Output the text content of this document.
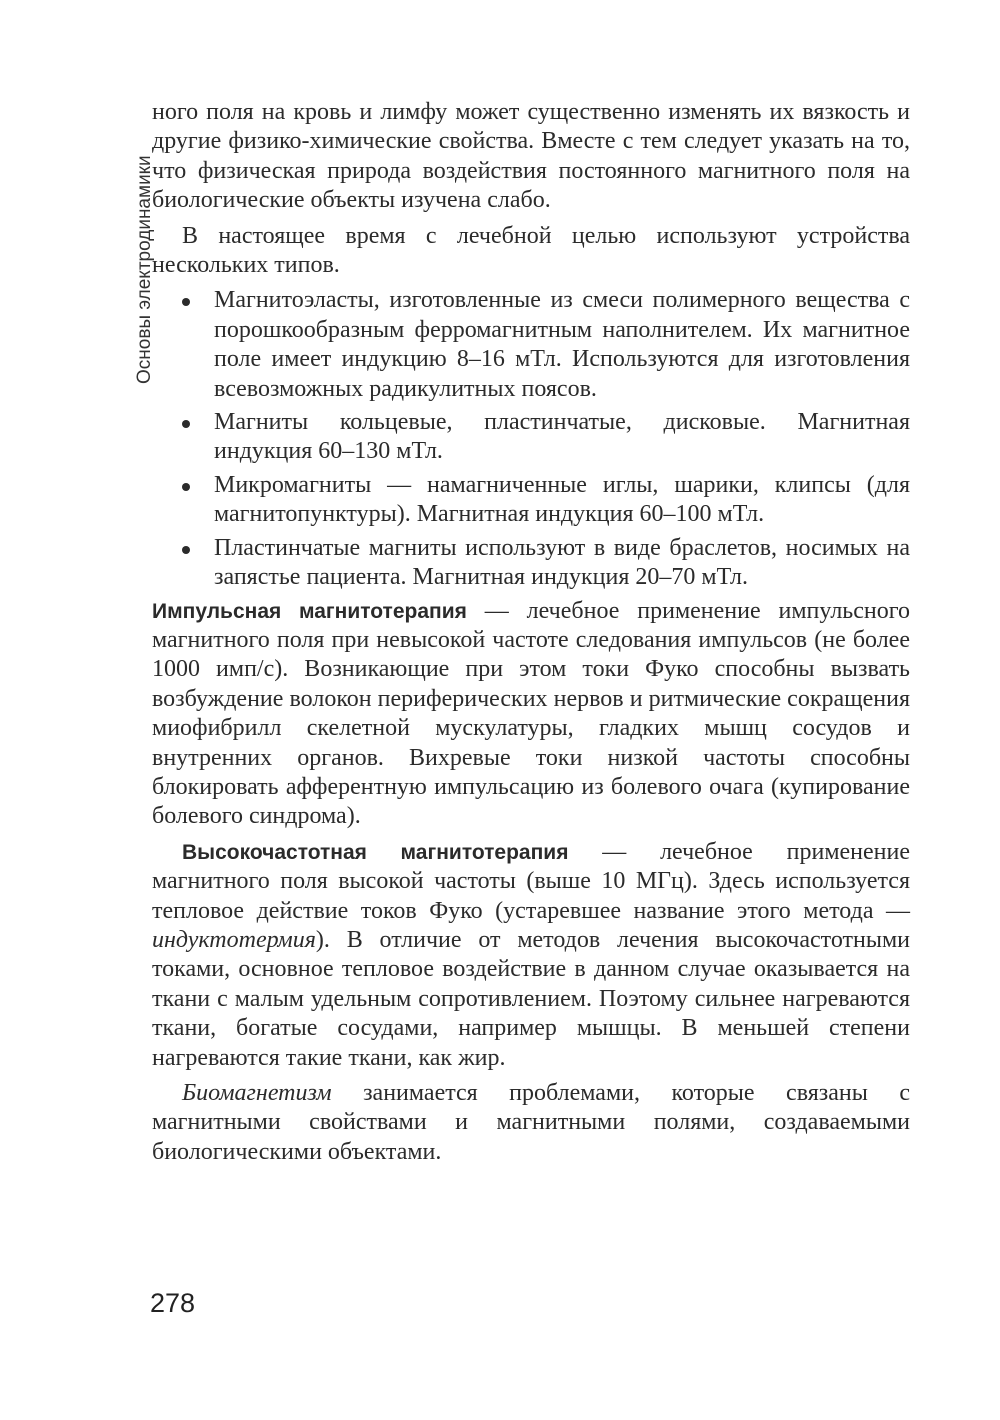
Основы электродинамики

ного поля на кровь и лимфу может существенно изменять их вязкость и другие физико-химические свойства. Вместе с тем следует указать на то, что физическая природа воздействия постоянного магнитного поля на биологические объекты изучена слабо.

В настоящее время с лечебной целью используют устройства нескольких типов.

Магнитоэласты, изготовленные из смеси полимерного вещества с порошкообразным ферромагнитным наполнителем. Их магнитное поле имеет индукцию 8–16 мТл. Используются для изготовления всевозможных радикулитных поясов.
Магниты кольцевые, пластинчатые, дисковые. Магнитная индукция 60–130 мТл.
Микромагниты — намагниченные иглы, шарики, клипсы (для магнитопунктуры). Магнитная индукция 60–100 мТл.
Пластинчатые магниты используют в виде браслетов, носимых на запястье пациента. Магнитная индукция 20–70 мТл.

Импульсная магнитотерапия — лечебное применение импульсного магнитного поля при невысокой частоте следования импульсов (не более 1000 имп/с). Возникающие при этом токи Фуко способны вызвать возбуждение волокон периферических нервов и ритмические сокращения миофибрилл скелетной мускулатуры, гладких мышц сосудов и внутренних органов. Вихревые токи низкой частоты способны блокировать афферентную импульсацию из болевого очага (купирование болевого синдрома).

Высокочастотная магнитотерапия — лечебное применение магнитного поля высокой частоты (выше 10 МГц). Здесь используется тепловое действие токов Фуко (устаревшее название этого метода — индуктотермия). В отличие от методов лечения высокочастотными токами, основное тепловое воздействие в данном случае оказывается на ткани с малым удельным сопротивлением. Поэтому сильнее нагреваются ткани, богатые сосудами, например мышцы. В меньшей степени нагреваются такие ткани, как жир.

Биомагнетизм занимается проблемами, которые связаны с магнитными свойствами и магнитными полями, создаваемыми биологическими объектами.

278
